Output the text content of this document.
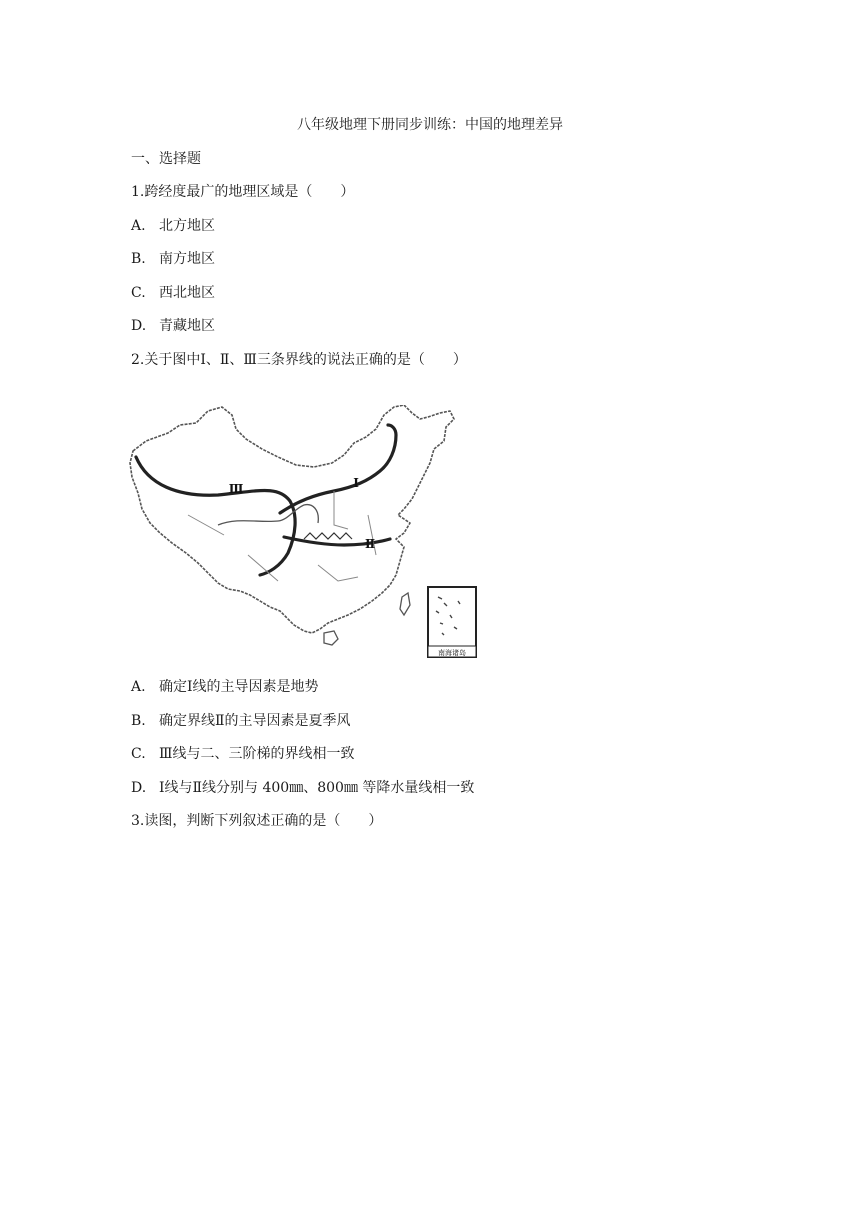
八年级地理下册同步训练：中国的地理差异
一、选择题
1.跨经度最广的地理区域是（　　）
A. 北方地区
B. 南方地区
C. 西北地区
D. 青藏地区
2.关于图中Ⅰ、Ⅱ、Ⅲ三条界线的说法正确的是（　　）
Ⅲ	Ⅰ
Ⅱ
南海诸岛
A. 确定Ⅰ线的主导因素是地势
B. 确定界线Ⅱ的主导因素是夏季风
C. Ⅲ线与二、三阶梯的界线相一致
D. Ⅰ线与Ⅱ线分别与 400㎜、800㎜ 等降水量线相一致
3.读图，判断下列叙述正确的是（　　）
